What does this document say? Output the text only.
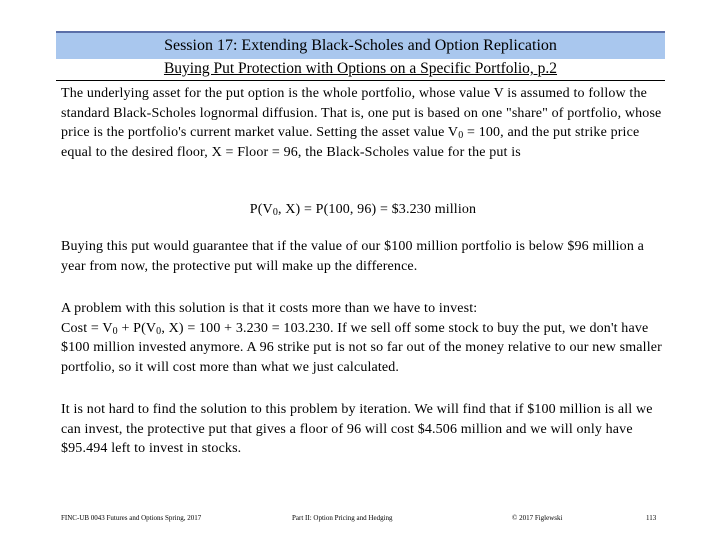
Session 17: Extending Black-Scholes and Option Replication
Buying Put Protection with Options on a Specific Portfolio, p.2
The underlying asset for the put option is the whole portfolio, whose value V is assumed to follow the standard Black-Scholes lognormal diffusion. That is, one put is based on one "share" of portfolio, whose price is the portfolio's current market value. Setting the asset value $V_0 = 100$, and the put strike price equal to the desired floor, X = Floor = 96, the Black-Scholes value for the put is
$P(V_0$, X) = P(100, 96) = $3.230 million
Buying this put would guarantee that if the value of our $100 million portfolio is below $96 million a year from now, the protective put will make up the difference.
A problem with this solution is that it costs more than we have to invest:
Cost = $V_0 + P(V_0$, X) = 100 + 3.230 = 103.230. If we sell off some stock to buy the put, we don't have $100 million invested anymore. A 96 strike put is not so far out of the money relative to our new smaller portfolio, so it will cost more than what we just calculated.
It is not hard to find the solution to this problem by iteration. We will find that if $100 million is all we can invest, the protective put that gives a floor of 96 will cost $4.506 million and we will only have $95.494 left to invest in stocks.
FINC-UB 0043 Futures and Options Spring, 2017	Part II: Option Pricing and Hedging	© 2017 Figlewski	113
